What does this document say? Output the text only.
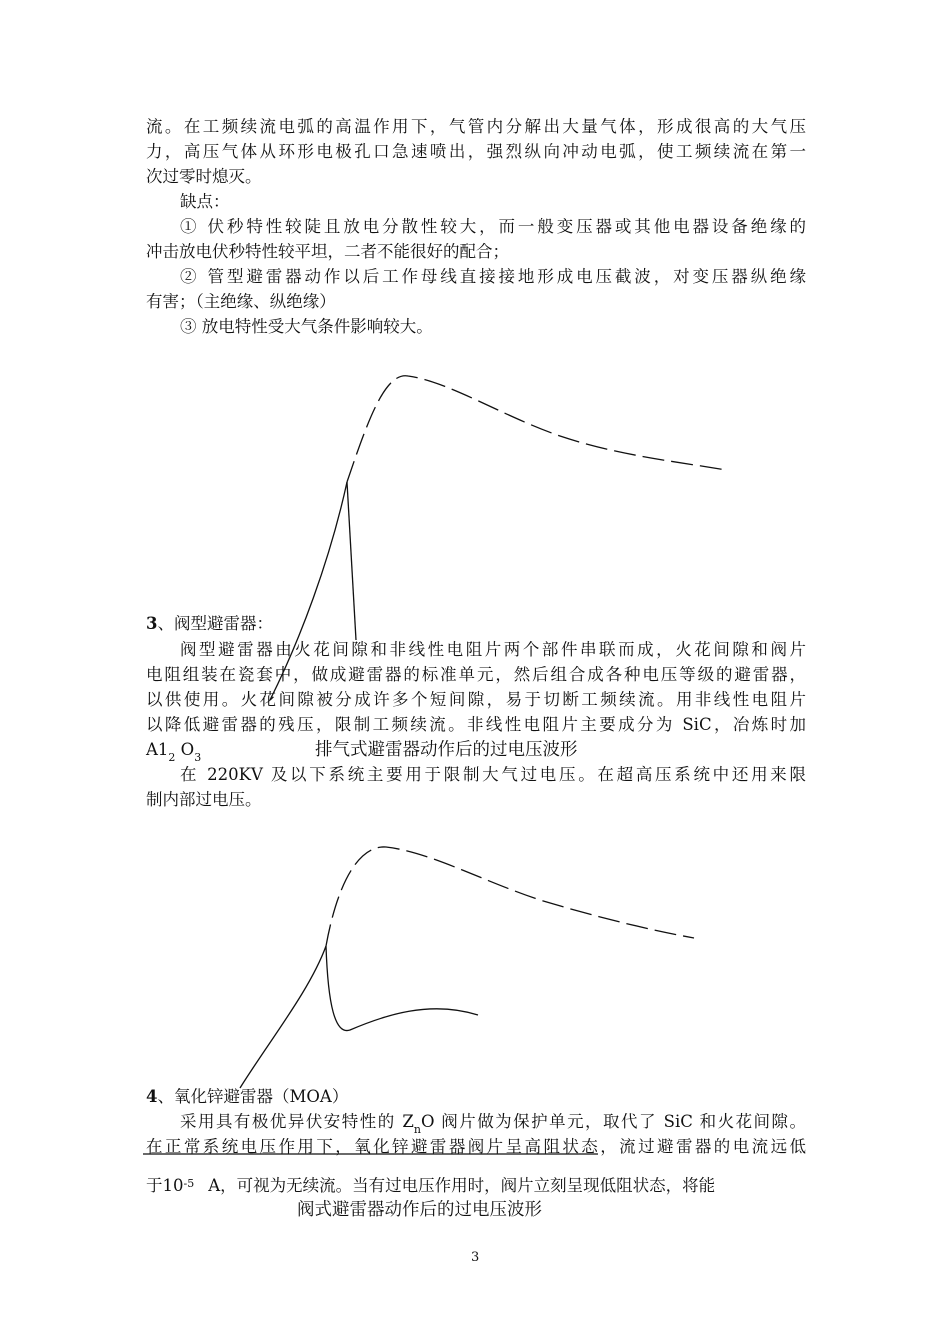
流。在工频续流电弧的高温作用下，气管内分解出大量气体，形成很高的大气压
力，高压气体从环形电极孔口急速喷出，强烈纵向冲动电弧，使工频续流在第一
次过零时熄灭。
缺点：
① 伏秒特性较陡且放电分散性较大，而一般变压器或其他电器设备绝缘的
冲击放电伏秒特性较平坦，二者不能很好的配合；
② 管型避雷器动作以后工作母线直接接地形成电压截波，对变压器纵绝缘
有害；（主绝缘、纵绝缘）
③ 放电特性受大气条件影响较大。
3、阀型避雷器：
阀型避雷器由火花间隙和非线性电阻片两个部件串联而成，火花间隙和阀片
电阻组装在瓷套中，做成避雷器的标准单元，然后组合成各种电压等级的避雷器，
以供使用。火花间隙被分成许多个短间隙，易于切断工频续流。用非线性电阻片
以降低避雷器的残压，限制工频续流。非线性电阻片主要成分为 SiC，冶炼时加
$A1_2$ $O_3$
在 220KV 及以下系统主要用于限制大气过电压。在超高压系统中还用来限
制内部过电压。
4、氧化锌避雷器（MOA）
采用具有极优异伏安特性的 $Z_nO$ 阀片做为保护单元，取代了 SiC 和火花间隙。
在正常系统电压作用下，氧化锌避雷器阀片呈高阻状态，流过避雷器的电流远低
于$10^{-5}$ A，可视为无续流。当有过电压作用时，阀片立刻呈现低阻状态，将能
排气式避雷器动作后的过电压波形
阀式避雷器动作后的过电压波形
3
